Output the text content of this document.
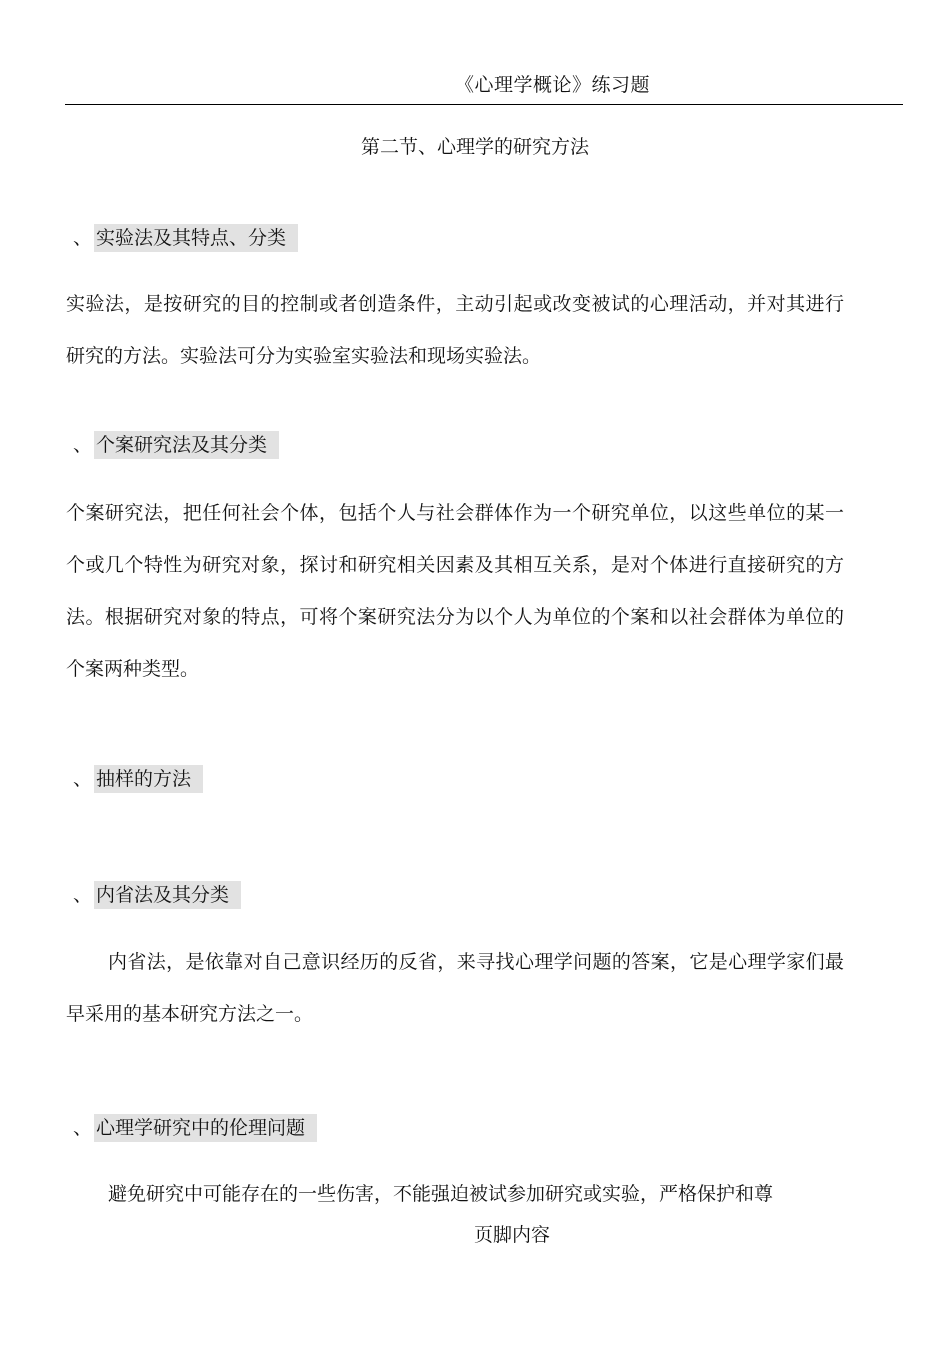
《心理学概论》练习题
第二节、心理学的研究方法
、 实验法及其特点、分类

实验法，是按研究的目的控制或者创造条件，主动引起或改变被试的心理活动，并对其进行研究的方法。实验法可分为实验室实验法和现场实验法。

、 个案研究法及其分类

个案研究法，把任何社会个体，包括个人与社会群体作为一个研究单位，以这些单位的某一个或几个特性为研究对象，探讨和研究相关因素及其相互关系，是对个体进行直接研究的方法。根据研究对象的特点，可将个案研究法分为以个人为单位的个案和以社会群体为单位的个案两种类型。

、 抽样的方法
、 内省法及其分类

内省法，是依靠对自己意识经历的反省，来寻找心理学问题的答案，它是心理学家们最早采用的基本研究方法之一。

、 心理学研究中的伦理问题

避免研究中可能存在的一些伤害，不能强迫被试参加研究或实验，严格保护和尊

页脚内容
